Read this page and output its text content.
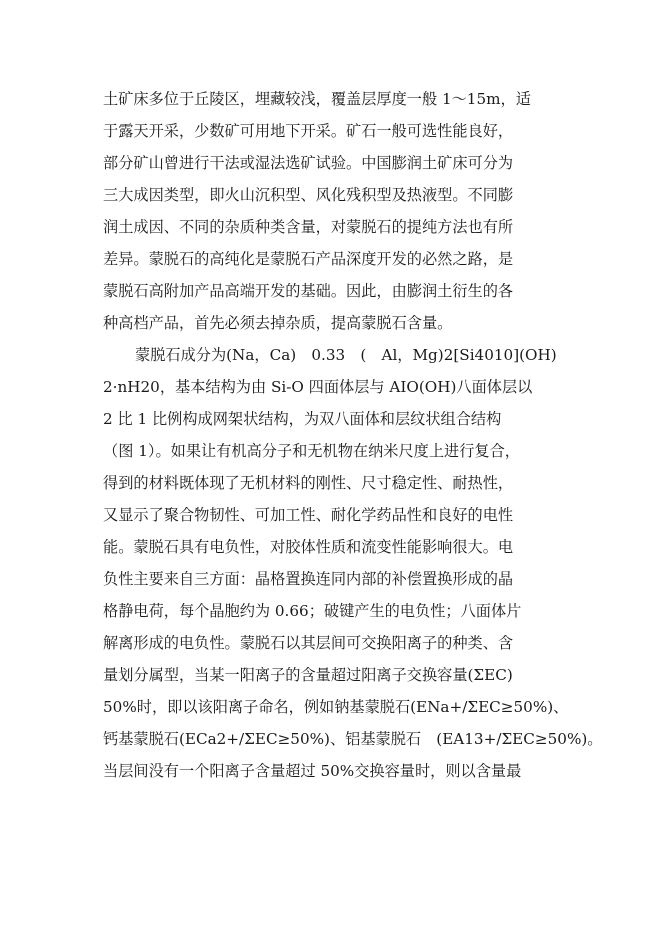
土矿床多位于丘陵区，埋藏较浅，覆盖层厚度一般 1～15m，适
于露天开采，少数矿可用地下开采。矿石一般可选性能良好，
部分矿山曾进行干法或湿法选矿试验。中国膨润土矿床可分为
三大成因类型，即火山沉积型、风化残积型及热液型。不同膨
润土成因、不同的杂质种类含量，对蒙脱石的提纯方法也有所
差异。蒙脱石的高纯化是蒙脱石产品深度开发的必然之路，是
蒙脱石高附加产品高端开发的基础。因此，由膨润土衍生的各
种高档产品，首先必须去掉杂质，提高蒙脱石含量。
蒙脱石成分为(Na，Ca)　0.33　(　Al，Mg)2[Si4010](OH)
2·nH20，基本结构为由 Si-O 四面体层与 AIO(OH)八面体层以
2 比 1 比例构成网架状结构，为双八面体和层纹状组合结构
（图 1）。如果让有机高分子和无机物在纳米尺度上进行复合，
得到的材料既体现了无机材料的刚性、尺寸稳定性、耐热性，
又显示了聚合物韧性、可加工性、耐化学药品性和良好的电性
能。蒙脱石具有电负性，对胶体性质和流变性能影响很大。电
负性主要来自三方面：晶格置换连同内部的补偿置换形成的晶
格静电荷，每个晶胞约为 0.66；破键产生的电负性；八面体片
解离形成的电负性。蒙脱石以其层间可交换阳离子的种类、含
量划分属型，当某一阳离子的含量超过阳离子交换容量(ΣEC)
50%时，即以该阳离子命名，例如钠基蒙脱石(ENa+/ΣEC≥50%)、
钙基蒙脱石(ECa2+/ΣEC≥50%)、铝基蒙脱石　(EA13+/ΣEC≥50%)。
当层间没有一个阳离子含量超过 50%交换容量时，则以含量最
